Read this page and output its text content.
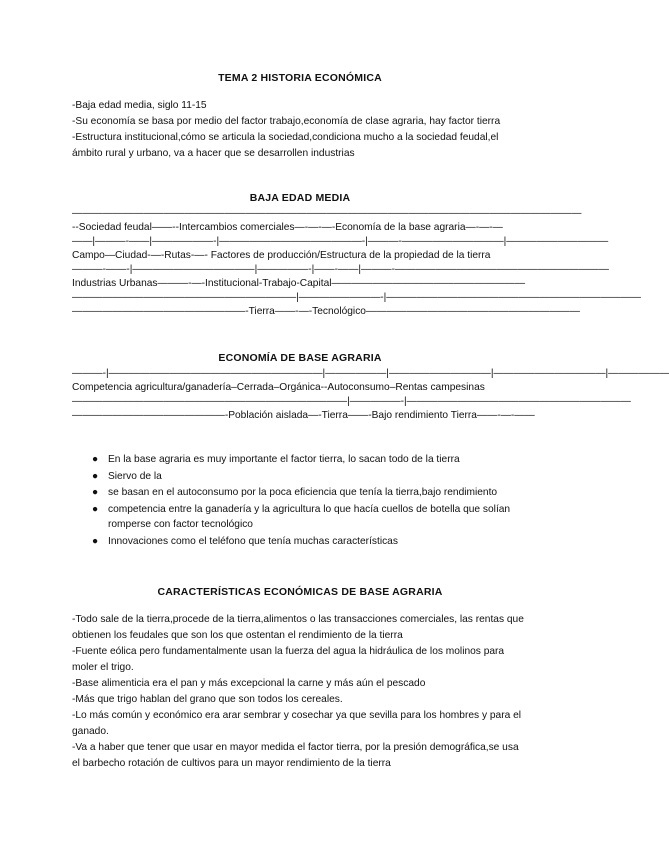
TEMA 2 HISTORIA ECONÓMICA

-Baja edad media, siglo 11-15

-Su economía se basa por medio del factor trabajo,economía de clase agraria, hay factor tierra

-Estructura institucional,cómo se articula la sociedad,condiciona mucho a la sociedad feudal,el ámbito rural y urbano, va a hacer que se desarrollen industrias

BAJA EDAD MEDIA
——————————————————————————————————————————————————
--Sociedad feudal——--Intercambios comerciales—-—-—-Economía de la base agraria—-—-—
——|———-——|——————-|——————————————-|———-——————————|——————————
Campo—Ciudad-—-Rutas-—- Factores de producción/Estructura de la propiedad de la tierra
———-——-|————————————|—————-|——-——|———-—————————————————————
Industrias Urbanas———-—-Institucional-Trabajo-Capital———————————————————
——————————————————————|————————-|—————————————————————————
—————————————————-Tierra——-—-Tecnológico—————————————————————
ECONOMÍA DE BASE AGRARIA
———-|—————————————————————|——————|——————————|———————————|——————
Competencia agricultura/ganadería–Cerrada–Orgánica--Autoconsumo–Rentas campesinas
———————————————————————————|—————-|——————————————————————
———————————————-Población aislada—-Tierra——-Bajo rendimiento Tierra——-—-——
● En la base agraria es muy importante el factor tierra, lo sacan todo de la tierra
● Siervo de la
● se basan en el autoconsumo por la poca eficiencia que tenía la tierra,bajo rendimiento
● competencia entre la ganadería y la agricultura lo que hacía cuellos de botella que solían romperse con factor tecnológico
● Innovaciones como el teléfono que tenía muchas características
CARACTERÍSTICAS ECONÓMICAS DE BASE AGRARIA

-Todo sale de la tierra,procede de la tierra,alimentos o las transacciones comerciales, las rentas que obtienen los feudales que son los que ostentan el rendimiento de la tierra

-Fuente eólica pero fundamentalmente usan la fuerza del agua la hidráulica de los molinos para moler el trigo.

-Base alimenticia era el pan y más excepcional la carne y más aún el pescado

-Más que trigo hablan del grano que son todos los cereales.

-Lo más común y económico era arar sembrar y cosechar ya que sevilla para los hombres y para el ganado.

-Va a haber que tener que usar en mayor medida el factor tierra, por la presión demográfica,se usa el barbecho rotación de cultivos para un mayor rendimiento de la tierra
